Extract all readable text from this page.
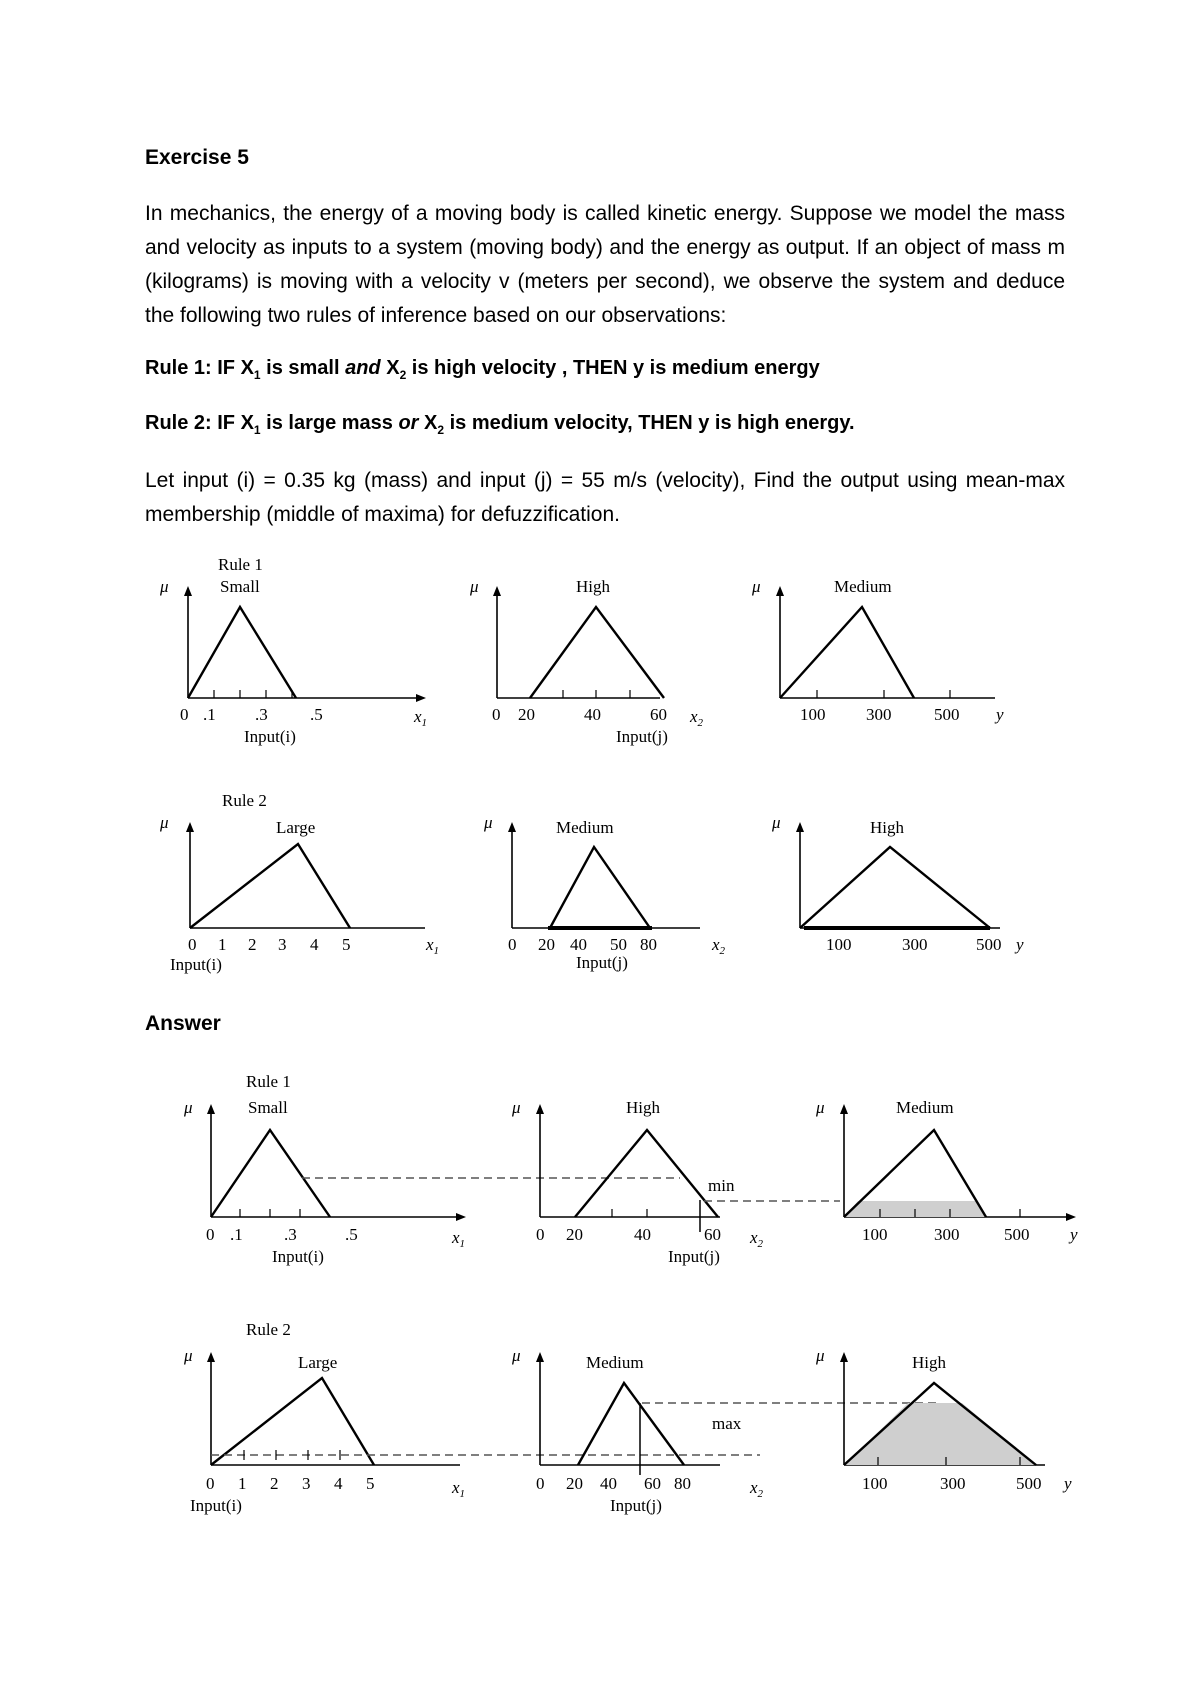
Exercise 5

In mechanics, the energy of a moving body is called kinetic energy. Suppose we model the mass and velocity as inputs to a system (moving body) and the energy as output. If an object of mass m (kilograms) is moving with a velocity v (meters per second), we observe the system and deduce the following two rules of inference based on our observations:

Rule 1: IF $X_1$ is small and $X_2$ is high velocity , THEN y is medium energy

Rule 2: IF $X_1$ is large mass or $X_2$ is medium velocity, THEN y is high energy.

Let input (i) = 0.35 kg (mass) and input (j) = 55 m/s (velocity), Find the output using mean-max membership (middle of maxima) for defuzzification.

Rule 1
μ	Small
0 .1 .3 .5
Input(i)
$x_1$
μ	High
0 20	40	60
Input(j)
$x_2$
μ	Medium
100 300	500 y
Rule 2
μ	Large
0 1 2 3 4 5
Input(i)
$x_1$
μ	Medium
0 20 40 50 80
Input(j)
$x_2$
μ	High
100	300	500 y
Answer
Rule 1
μ	Small
0 .1 .3	.5
Input(i)
$x_1$
μ	High
min
0 20	40	60
Input(j)
$x_2$
μ	Medium
100	300	500 y
Rule 2
μ	Large
0 1 2 3 4 5
Input(i)
$x_1$
μ	Medium
max
0 20 40 60 80
Input(j)
$x_2$
μ	High
100	300	500 y
